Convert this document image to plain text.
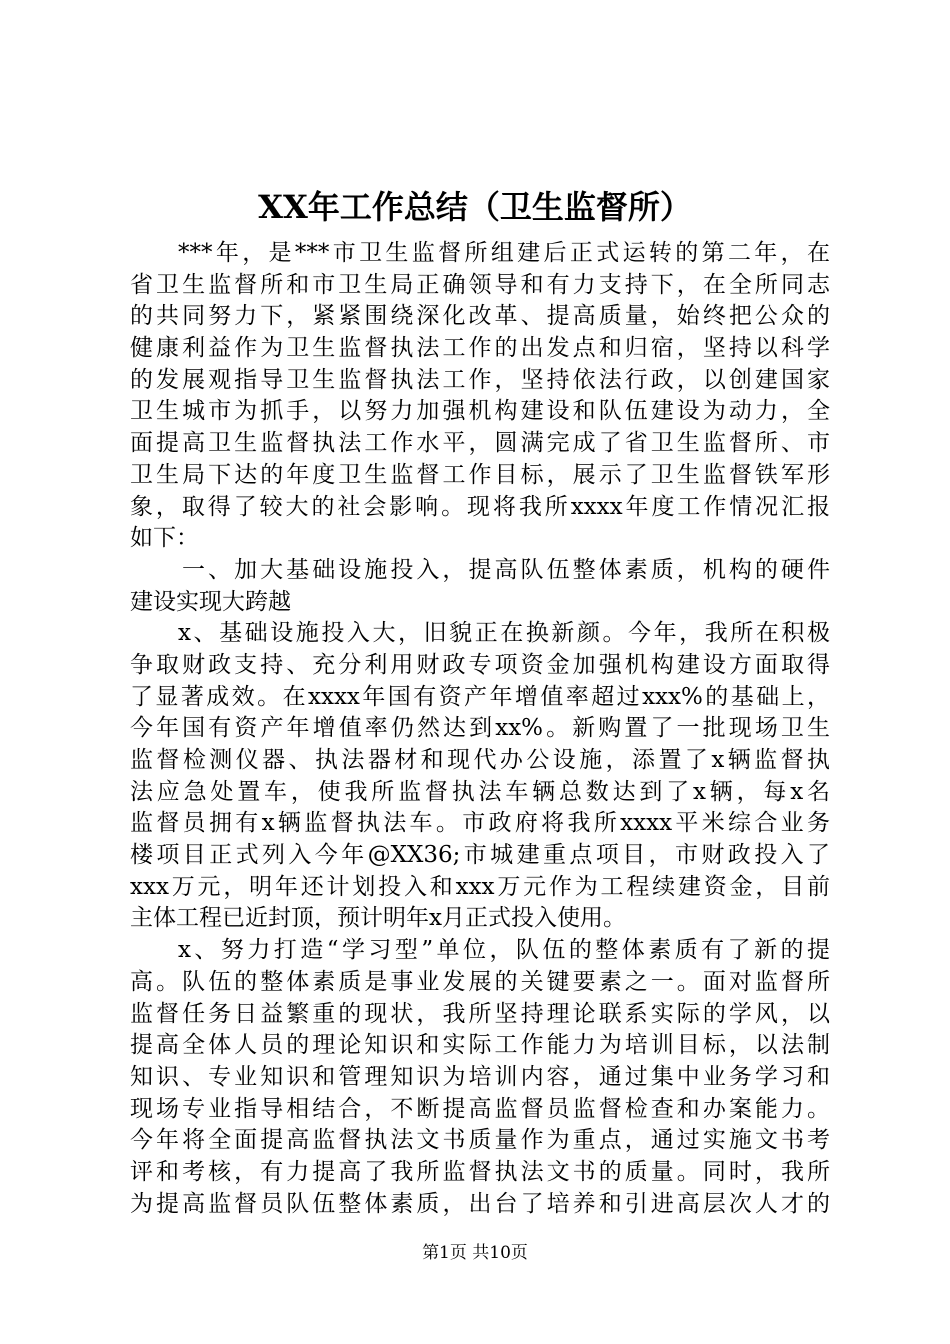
XX年工作总结（卫生监督所）
***年，是***市卫生监督所组建后正式运转的第二年，在
省卫生监督所和市卫生局正确领导和有力支持下，在全所同志
的共同努力下，紧紧围绕深化改革、提高质量，始终把公众的
健康利益作为卫生监督执法工作的出发点和归宿，坚持以科学
的发展观指导卫生监督执法工作，坚持依法行政，以创建国家
卫生城市为抓手，以努力加强机构建设和队伍建设为动力，全
面提高卫生监督执法工作水平，圆满完成了省卫生监督所、市
卫生局下达的年度卫生监督工作目标，展示了卫生监督铁军形
象，取得了较大的社会影响。现将我所xxxx年度工作情况汇报
如下：
一、加大基础设施投入，提高队伍整体素质，机构的硬件
建设实现大跨越
x、基础设施投入大，旧貌正在换新颜。今年，我所在积极
争取财政支持、充分利用财政专项资金加强机构建设方面取得
了显著成效。在xxxx年国有资产年增值率超过xxx%的基础上，
今年国有资产年增值率仍然达到xx%。新购置了一批现场卫生
监督检测仪器、执法器材和现代办公设施，添置了x辆监督执
法应急处置车，使我所监督执法车辆总数达到了x辆，每x名
监督员拥有x辆监督执法车。市政府将我所xxxx平米综合业务
楼项目正式列入今年@XX36;市城建重点项目，市财政投入了
xxx万元，明年还计划投入和xxx万元作为工程续建资金，目前
主体工程已近封顶，预计明年x月正式投入使用。
x、努力打造“学习型”单位，队伍的整体素质有了新的提
高。队伍的整体素质是事业发展的关键要素之一。面对监督所
监督任务日益繁重的现状，我所坚持理论联系实际的学风，以
提高全体人员的理论知识和实际工作能力为培训目标，以法制
知识、专业知识和管理知识为培训内容，通过集中业务学习和
现场专业指导相结合，不断提高监督员监督检查和办案能力。
今年将全面提高监督执法文书质量作为重点，通过实施文书考
评和考核，有力提高了我所监督执法文书的质量。同时，我所
为提高监督员队伍整体素质，出台了培养和引进高层次人才的
第1页 共10页
